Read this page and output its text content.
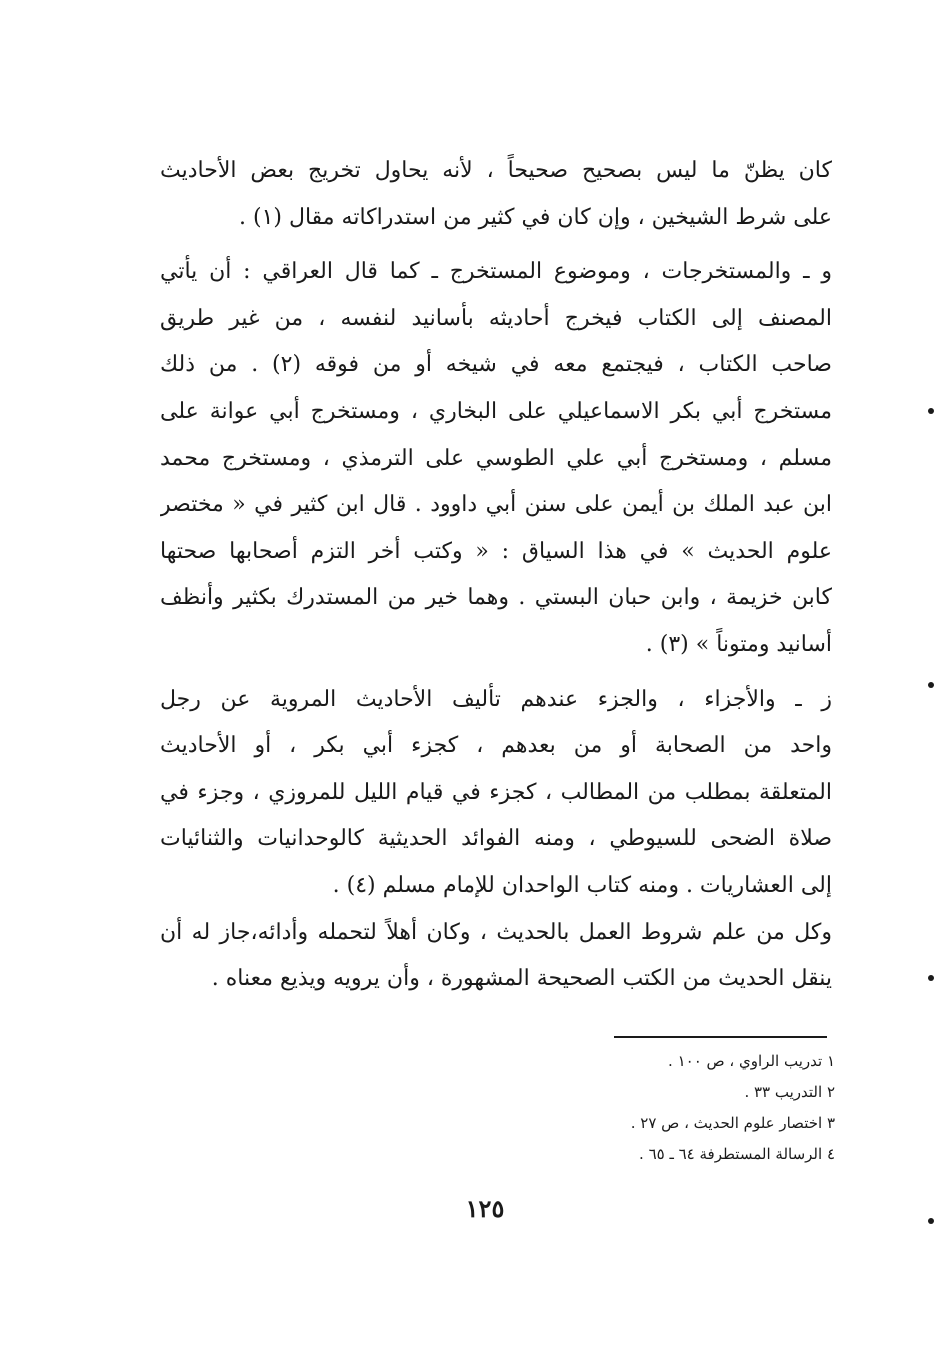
كان يظنّ ما ليس بصحيح صحيحاً ، لأنه يحاول تخريج بعض الأحاديث
على شرط الشيخين ، وإن كان في كثير من استدراكاته مقال (١) .
و ـ والمستخرجات ، وموضوع المستخرج ـ كما قال العراقي : أن يأتي
المصنف إلى الكتاب فيخرج أحاديثه بأسانيد لنفسه ، من غير طريق
صاحب الكتاب ، فيجتمع معه في شيخه أو من فوقه (٢) . من ذلك
مستخرج أبي بكر الاسماعيلي على البخاري ، ومستخرج أبي عوانة على
مسلم ، ومستخرج أبي علي الطوسي على الترمذي ، ومستخرج محمد
ابن عبد الملك بن أيمن على سنن أبي داوود . قال ابن كثير في « مختصر
علوم الحديث » في هذا السياق : « وكتب أخر التزم أصحابها صحتها
كابن خزيمة ، وابن حبان البستي . وهما خير من المستدرك بكثير وأنظف
أسانيد ومتوناً » (٣) .
ز ـ والأجزاء ، والجزء عندهم تأليف الأحاديث المروية عن رجل
واحد من الصحابة أو من بعدهم ، كجزء أبي بكر ، أو الأحاديث
المتعلقة بمطلب من المطالب ، كجزء في قيام الليل للمروزي ، وجزء في
صلاة الضحى للسيوطي ، ومنه الفوائد الحديثية كالوحدانيات والثنائيات
إلى العشاريات . ومنه كتاب الواحدان للإمام مسلم (٤) .
وكل من علم شروط العمل بالحديث ، وكان أهلاً لتحمله وأدائه،جاز له أن
ينقل الحديث من الكتب الصحيحة المشهورة ، وأن يرويه ويذيع معناه .
١ تدريب الراوي ، ص ١٠٠ .
٢ التدريب ٣٣ .
٣ اختصار علوم الحديث ، ص ٢٧ .
٤ الرسالة المستطرفة ٦٤ ـ ٦٥ .
١٢٥
